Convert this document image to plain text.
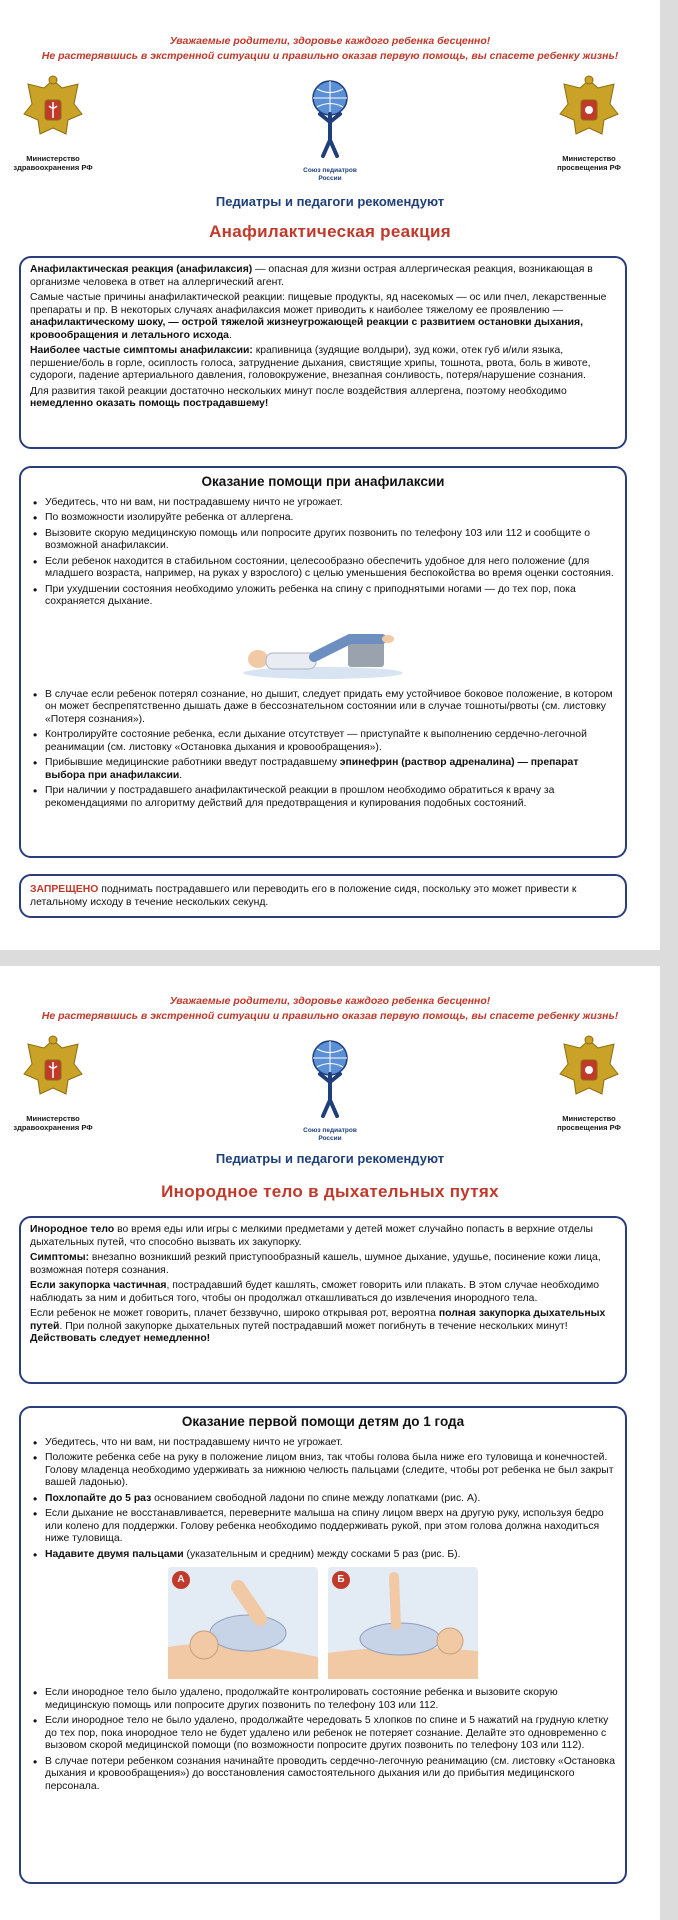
Уважаемые родители, здоровье каждого ребенка бесценно!
Не растерявшись в экстренной ситуации и правильно оказав первую помощь, вы спасете ребенку жизнь!
Министерство здравоохранения РФ	Союз педиатров России
Министерство просвещения РФ
Педиатры и педагоги рекомендуют
Анафилактическая реакция

Анафилактическая реакция (анафилаксия) — опасная для жизни острая аллергическая реакция, возникающая в организме человека в ответ на аллергический агент.

Самые частые причины анафилактической реакции: пищевые продукты, яд насекомых — ос или пчел, лекарственные препараты и пр. В некоторых случаях анафилаксия может приводить к наиболее тяжелому ее проявлению — анафилактическому шоку, — острой тяжелой жизнеугрожающей реакции с развитием остановки дыхания, кровообращения и летального исхода.

Наиболее частые симптомы анафилаксии: крапивница (зудящие волдыри), зуд кожи, отек губ и/или языка, першение/боль в горле, осиплость голоса, затруднение дыхания, свистящие хрипы, тошнота, рвота, боль в животе, судороги, падение артериального давления, головокружение, внезапная сонливость, потеря/нарушение сознания.

Для развития такой реакции достаточно нескольких минут после воздействия аллергена, поэтому необходимо немедленно оказать помощь пострадавшему!

Оказание помощи при анафилаксии
• Убедитесь, что ни вам, ни пострадавшему ничто не угрожает.
• По возможности изолируйте ребенка от аллергена.
• Вызовите скорую медицинскую помощь или попросите других позвонить по телефону 103 или 112 и сообщите о возможной анафилаксии.
• Если ребенок находится в стабильном состоянии, целесообразно обеспечить удобное для него положение (для младшего возраста, например, на руках у взрослого) с целью уменьшения беспокойства во время оценки состояния.
• При ухудшении состояния необходимо уложить ребенка на спину с приподнятыми ногами — до тех пор, пока сохраняется дыхание.
• В случае если ребенок потерял сознание, но дышит, следует придать ему устойчивое боковое положение, в котором он может беспрепятственно дышать даже в бессознательном состоянии или в случае тошноты/рвоты (см. листовку «Потеря сознания»).
• Контролируйте состояние ребенка, если дыхание отсутствует — приступайте к выполнению сердечно-легочной реанимации (см. листовку «Остановка дыхания и кровообращения»).
• Прибывшие медицинские работники введут пострадавшему эпинефрин (раствор адреналина) — препарат выбора при анафилаксии.
• При наличии у пострадавшего анафилактической реакции в прошлом необходимо обратиться к врачу за рекомендациями по алгоритму действий для предотвращения и купирования подобных состояний.
ЗАПРЕЩЕНО поднимать пострадавшего или переводить его в положение сидя, поскольку это может привести к летальному исходу в течение нескольких секунд.
Уважаемые родители, здоровье каждого ребенка бесценно!
Не растерявшись в экстренной ситуации и правильно оказав первую помощь, вы спасете ребенку жизнь!
Министерство здравоохранения РФ	Союз педиатров России
Министерство просвещения РФ
Педиатры и педагоги рекомендуют
Инородное тело в дыхательных путях

Инородное тело во время еды или игры с мелкими предметами у детей может случайно попасть в верхние отделы дыхательных путей, что способно вызвать их закупорку.

Симптомы: внезапно возникший резкий приступообразный кашель, шумное дыхание, удушье, посинение кожи лица, возможная потеря сознания.

Если закупорка частичная, пострадавший будет кашлять, сможет говорить или плакать. В этом случае необходимо наблюдать за ним и добиться того, чтобы он продолжал откашливаться до извлечения инородного тела.

Если ребенок не может говорить, плачет беззвучно, широко открывая рот, вероятна полная закупорка дыхательных путей. При полной закупорке дыхательных путей пострадавший может погибнуть в течение нескольких минут! Действовать следует немедленно!

Оказание первой помощи детям до 1 года
• Убедитесь, что ни вам, ни пострадавшему ничто не угрожает.
• Положите ребенка себе на руку в положение лицом вниз, так чтобы голова была ниже его туловища и конечностей. Голову младенца необходимо удерживать за нижнюю челюсть пальцами (следите, чтобы рот ребенка не был закрыт вашей ладонью).
• Похлопайте до 5 раз основанием свободной ладони по спине между лопатками (рис. А).
• Если дыхание не восстанавливается, переверните малыша на спину лицом вверх на другую руку, используя бедро или колено для поддержки. Голову ребенка необходимо поддерживать рукой, при этом голова должна находиться ниже туловища.
• Надавите двумя пальцами (указательным и средним) между сосками 5 раз (рис. Б).
А	Б
• Если инородное тело было удалено, продолжайте контролировать состояние ребенка и вызовите скорую медицинскую помощь или попросите других позвонить по телефону 103 или 112.
• Если инородное тело не было удалено, продолжайте чередовать 5 хлопков по спине и 5 нажатий на грудную клетку до тех пор, пока инородное тело не будет удалено или ребенок не потеряет сознание. Делайте это одновременно с вызовом скорой медицинской помощи (по возможности попросите других позвонить по телефону 103 или 112).
• В случае потери ребенком сознания начинайте проводить сердечно-легочную реанимацию (см. листовку «Остановка дыхания и кровообращения») до восстановления самостоятельного дыхания или до прибытия медицинского персонала.
